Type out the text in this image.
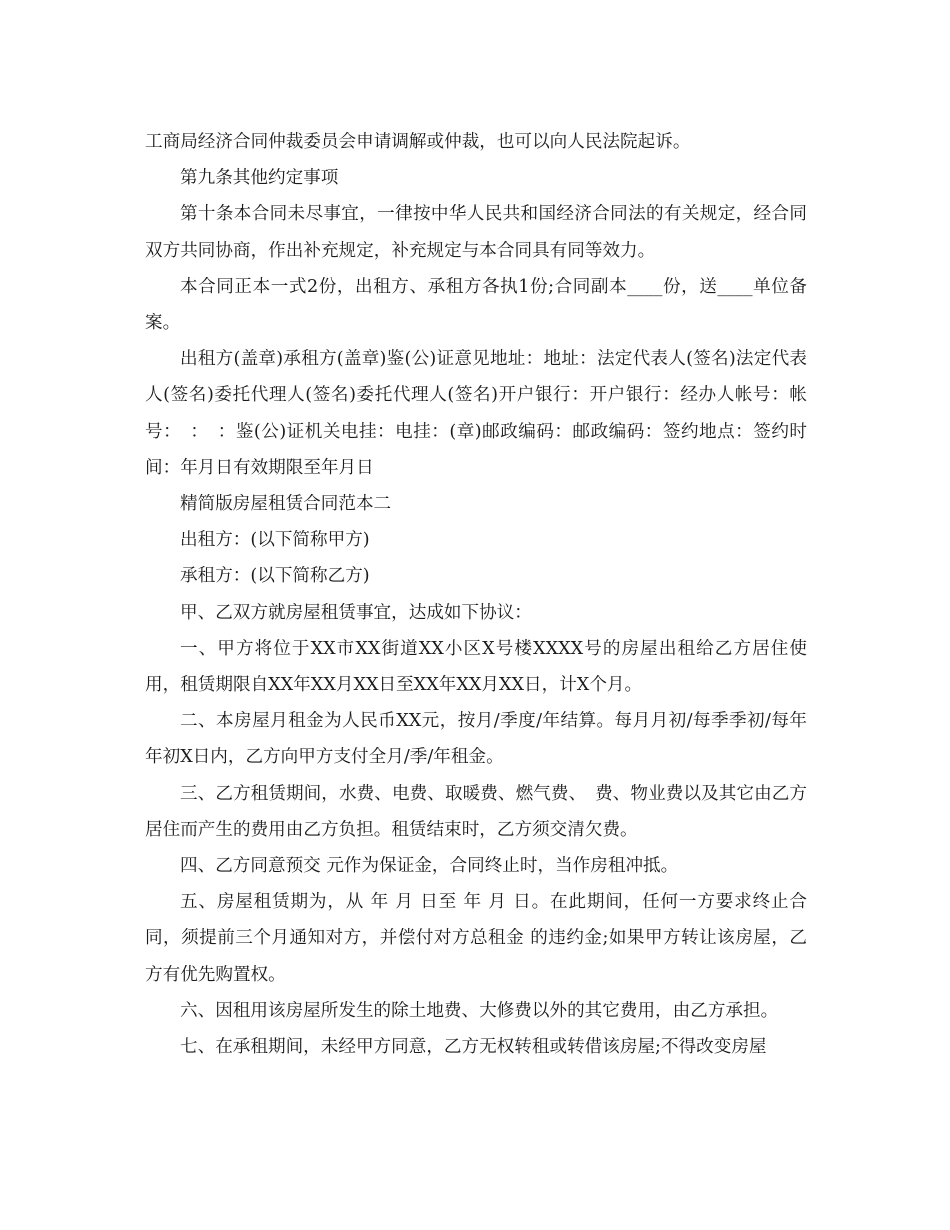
工商局经济合同仲裁委员会申请调解或仲裁，也可以向人民法院起诉。

第九条其他约定事项

第十条本合同未尽事宜，一律按中华人民共和国经济合同法的有关规定，经合同双方共同协商，作出补充规定，补充规定与本合同具有同等效力。

本合同正本一式2份，出租方、承租方各执1份;合同副本____份，送____单位备案。

出租方(盖章)承租方(盖章)鉴(公)证意见地址：地址：法定代表人(签名)法定代表人(签名)委托代理人(签名)委托代理人(签名)开户银行：开户银行：经办人帐号：帐号：　：　：鉴(公)证机关电挂：电挂：(章)邮政编码：邮政编码：签约地点：签约时间：年月日有效期限至年月日

精简版房屋租赁合同范本二

出租方：(以下简称甲方)

承租方：(以下简称乙方)

甲、乙双方就房屋租赁事宜，达成如下协议：

一、甲方将位于XX市XX街道XX小区X号楼XXXX号的房屋出租给乙方居住使用，租赁期限自XX年XX月XX日至XX年XX月XX日，计X个月。

二、本房屋月租金为人民币XX元，按月/季度/年结算。每月月初/每季季初/每年年初X日内，乙方向甲方支付全月/季/年租金。

三、乙方租赁期间，水费、电费、取暖费、燃气费、　费、物业费以及其它由乙方居住而产生的费用由乙方负担。租赁结束时，乙方须交清欠费。

四、乙方同意预交 元作为保证金，合同终止时，当作房租冲抵。

五、房屋租赁期为，从 年 月 日至 年 月 日。在此期间，任何一方要求终止合同，须提前三个月通知对方，并偿付对方总租金 的违约金;如果甲方转让该房屋，乙方有优先购置权。

六、因租用该房屋所发生的除土地费、大修费以外的其它费用，由乙方承担。

七、在承租期间，未经甲方同意，乙方无权转租或转借该房屋;不得改变房屋
